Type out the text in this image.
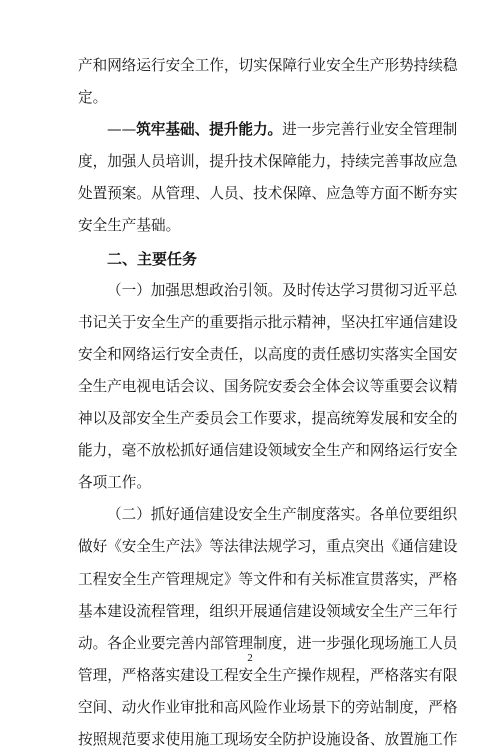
产和网络运行安全工作，切实保障行业安全生产形势持续稳
定。
——筑牢基础、提升能力。进一步完善行业安全管理制
度，加强人员培训，提升技术保障能力，持续完善事故应急
处置预案。从管理、人员、技术保障、应急等方面不断夯实
安全生产基础。
二、主要任务
（一）加强思想政治引领。及时传达学习贯彻习近平总
书记关于安全生产的重要指示批示精神，坚决扛牢通信建设
安全和网络运行安全责任，以高度的责任感切实落实全国安
全生产电视电话会议、国务院安委会全体会议等重要会议精
神以及部安全生产委员会工作要求，提高统筹发展和安全的
能力，毫不放松抓好通信建设领域安全生产和网络运行安全
各项工作。
（二）抓好通信建设安全生产制度落实。各单位要组织
做好《安全生产法》等法律法规学习，重点突出《通信建设
工程安全生产管理规定》等文件和有关标准宣贯落实，严格
基本建设流程管理，组织开展通信建设领域安全生产三年行
动。各企业要完善内部管理制度，进一步强化现场施工人员
管理，严格落实建设工程安全生产操作规程，严格落实有限
空间、动火作业审批和高风险作业场景下的旁站制度，严格
按照规范要求使用施工现场安全防护设施设备、放置施工作
2
